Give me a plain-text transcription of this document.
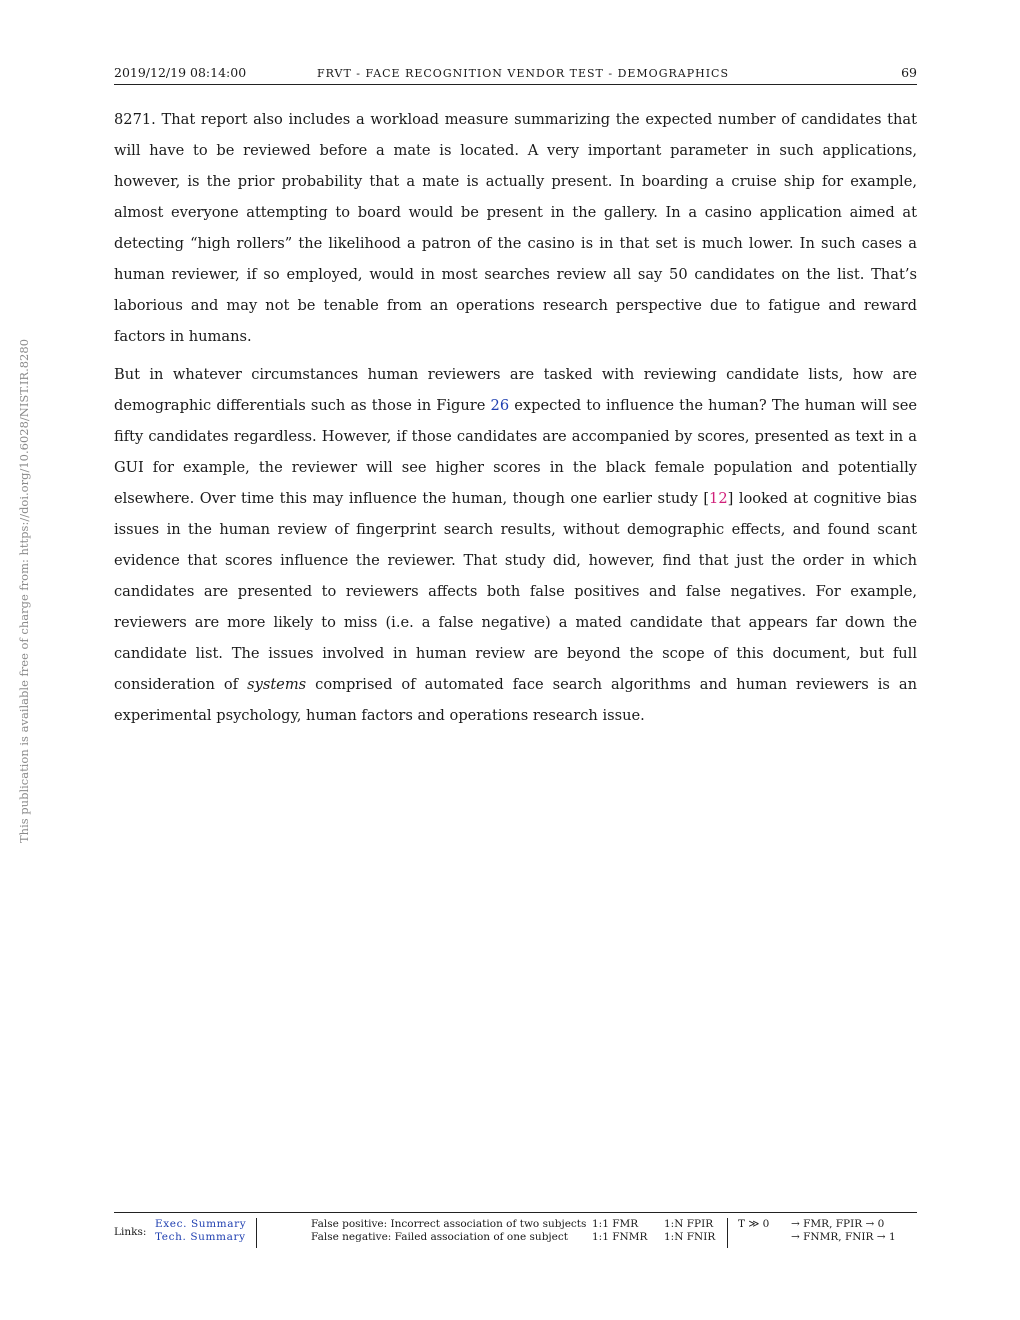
This publication is available free of charge from: https://doi.org/10.6028/NIST.IR.8280
2019/12/19 08:14:00	FRVT - FACE RECOGNITION VENDOR TEST - DEMOGRAPHICS	69

8271. That report also includes a workload measure summarizing the expected number of candidates that will have to be reviewed before a mate is located. A very important parameter in such applications, however, is the prior probability that a mate is actually present. In boarding a cruise ship for example, almost everyone attempting to board would be present in the gallery. In a casino application aimed at detecting “high rollers” the likelihood a patron of the casino is in that set is much lower. In such cases a human reviewer, if so employed, would in most searches review all say 50 candidates on the list. That’s laborious and may not be tenable from an operations research perspective due to fatigue and reward factors in humans.

But in whatever circumstances human reviewers are tasked with reviewing candidate lists, how are demographic differentials such as those in Figure 26 expected to influence the human? The human will see fifty candidates regardless. However, if those candidates are accompanied by scores, presented as text in a GUI for example, the reviewer will see higher scores in the black female population and potentially elsewhere. Over time this may influence the human, though one earlier study [12] looked at cognitive bias issues in the human review of fingerprint search results, without demographic effects, and found scant evidence that scores influence the reviewer. That study did, however, find that just the order in which candidates are presented to reviewers affects both false positives and false negatives. For example, reviewers are more likely to miss (i.e. a false negative) a mated candidate that appears far down the candidate list. The issues involved in human review are beyond the scope of this document, but full consideration of systems comprised of automated face search algorithms and human reviewers is an experimental psychology, human factors and operations research issue.

Links:
Exec. Summary
Tech. Summary
False positive: Incorrect association of two subjects
False negative: Failed association of one subject
1:1 FMR
1:1 FNMR
1:N FPIR
1:N FNIR
T ≫ 0 → FMR, FPIR → 0
→ FNMR, FNIR → 1
